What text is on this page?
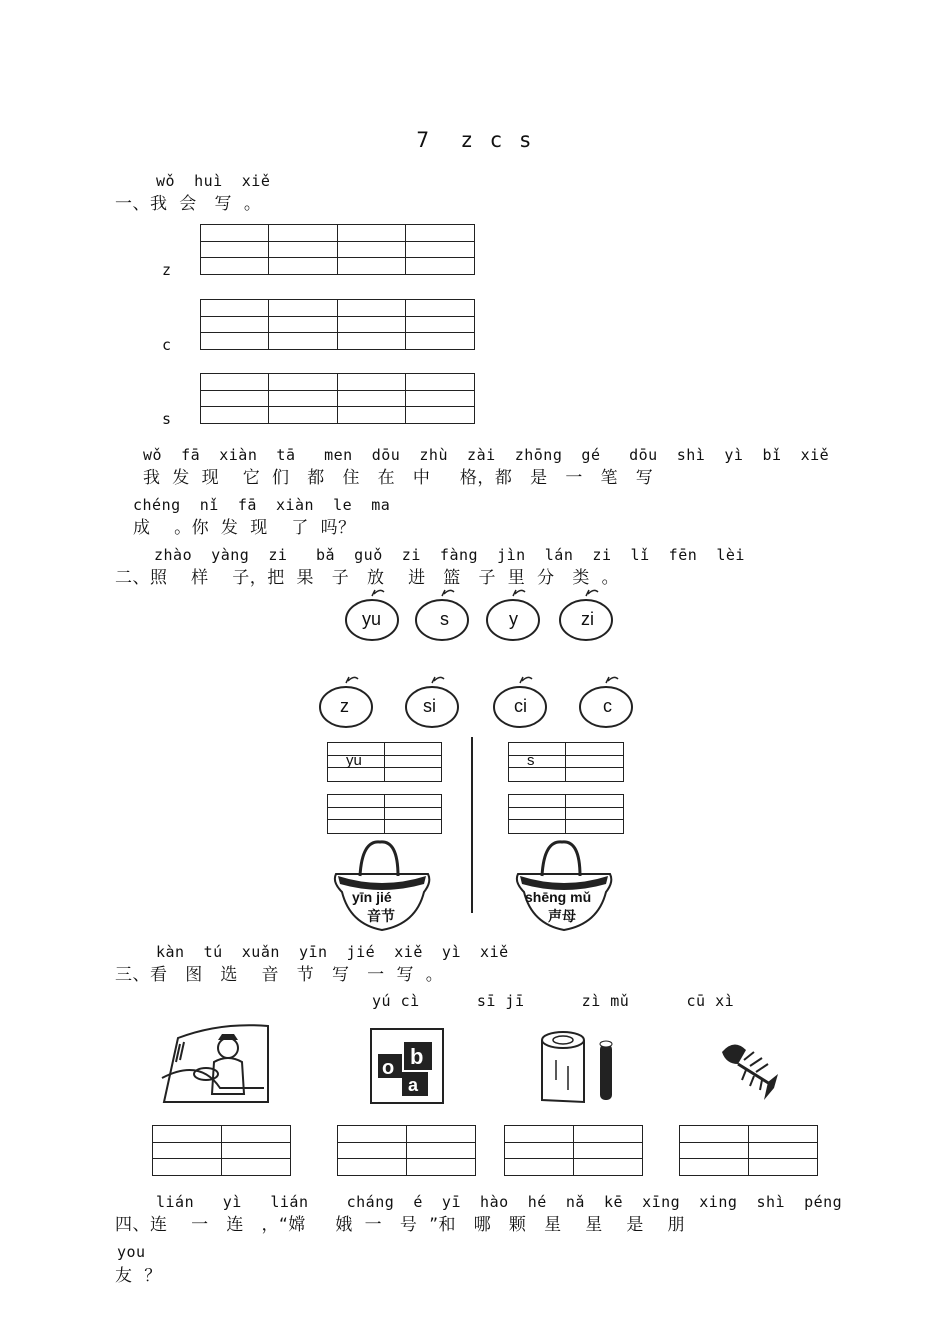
7  z c s
wǒ  huì  xiě
一、我  会   写  。
z
c
s
wǒ  fā  xiàn  tā   men  dōu  zhù  zài  zhōng  gé   dōu  shì  yì  bǐ  xiě
我  发  现    它  们   都   住   在   中     格，都   是   一   笔   写
chéng  nǐ  fā  xiàn  le  ma
成    。你  发  现    了  吗？
zhào  yàng  zi   bǎ  guǒ  zi  fàng  jìn  lán  zi  lǐ  fēn  lèi
二、照    样    子，把  果   子   放    进   篮   子  里  分   类  。
yu	s	y	zi
z	si	ci	c
yu	s
yīn jié
音节
shēng mǔ
声母
kàn  tú  xuǎn  yīn  jié  xiě  yì  xiě
三、看   图   选    音   节   写   一  写  。
yú cì      sī jī      zì mǔ      cū xì
o b
a
lián   yì   lián    cháng  é  yī  hào  hé  nǎ  kē  xīng  xing  shì  péng
四、连    一   连   ，“嫦     娥  一   号  ”和   哪   颗   星    星    是    朋
you
友  ？
